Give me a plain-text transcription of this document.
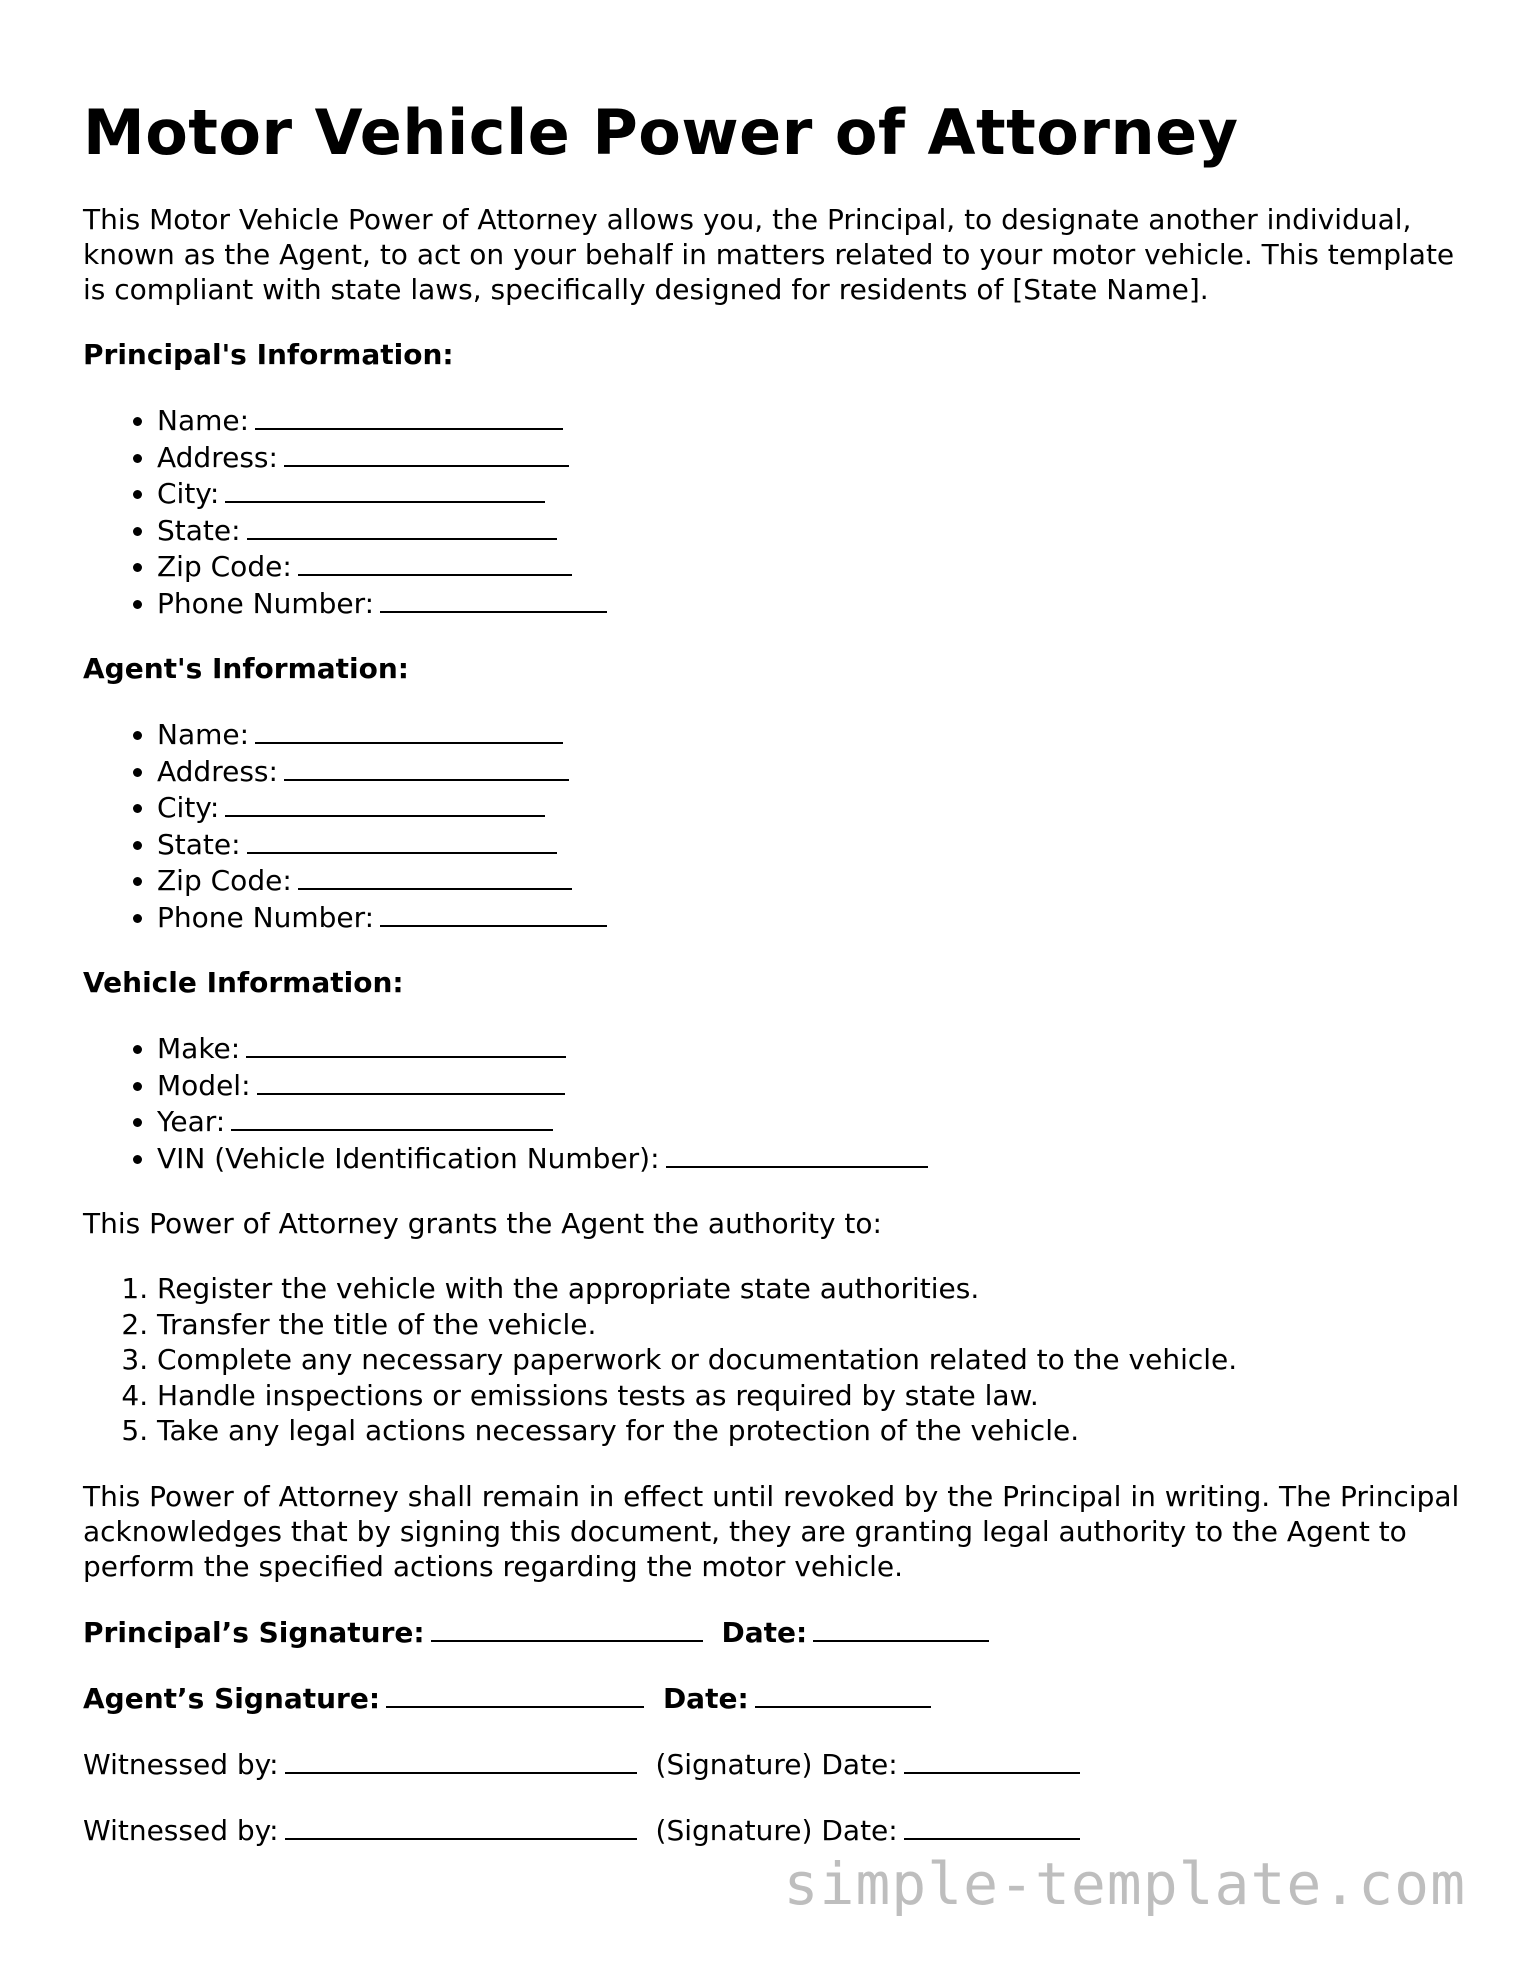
Motor Vehicle Power of Attorney

This Motor Vehicle Power of Attorney allows you, the Principal, to designate another individual, known as the Agent, to act on your behalf in matters related to your motor vehicle. This template is compliant with state laws, specifically designed for residents of [State Name].

Principal's Information:
• Name:
• Address:
• City:
• State:
• Zip Code:
• Phone Number:
Agent's Information:
• Name:
• Address:
• City:
• State:
• Zip Code:
• Phone Number:
Vehicle Information:
• Make:
• Model:
• Year:
• VIN (Vehicle Identification Number):

This Power of Attorney grants the Agent the authority to:

1. Register the vehicle with the appropriate state authorities.
2. Transfer the title of the vehicle.
3. Complete any necessary paperwork or documentation related to the vehicle.
4. Handle inspections or emissions tests as required by state law.
5. Take any legal actions necessary for the protection of the vehicle.

This Power of Attorney shall remain in effect until revoked by the Principal in writing. The Principal acknowledges that by signing this document, they are granting legal authority to the Agent to perform the specified actions regarding the motor vehicle.

Principal’s Signature:	Date:
Agent’s Signature:	Date:
Witnessed by:	(Signature) Date:
Witnessed by:	(Signature) Date:
simple-template.com
